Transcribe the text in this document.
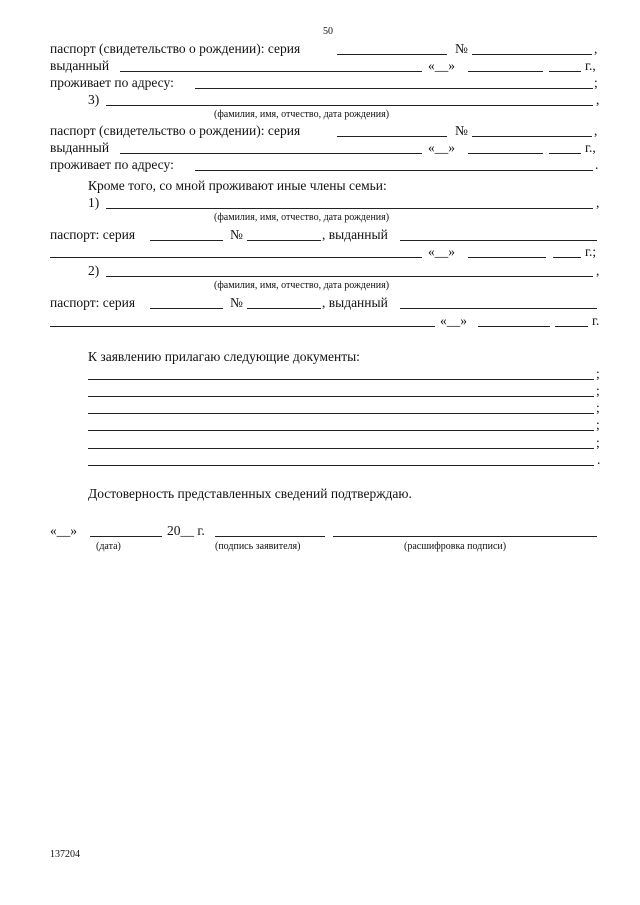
50
паспорт (свидетельство о рождении): серия	№	,
выданный	«__»	г.,
проживает по адресу:	;
3)	,
(фамилия, имя, отчество, дата рождения)
паспорт (свидетельство о рождении): серия	№	,
выданный	«__»	г.,
проживает по адресу:	.
Кроме того, со мной проживают иные члены семьи:
1)	,
(фамилия, имя, отчество, дата рождения)
паспорт: серия	№	, выданный
«__»	г.;
2)	,
(фамилия, имя, отчество, дата рождения)
паспорт: серия	№	, выданный
«__»	г.
К заявлению прилагаю следующие документы:
;
;
;
;
;
.
Достоверность представленных сведений подтверждаю.
«__»	20__ г.
(дата)	(подпись заявителя)	(расшифровка подписи)
137204
